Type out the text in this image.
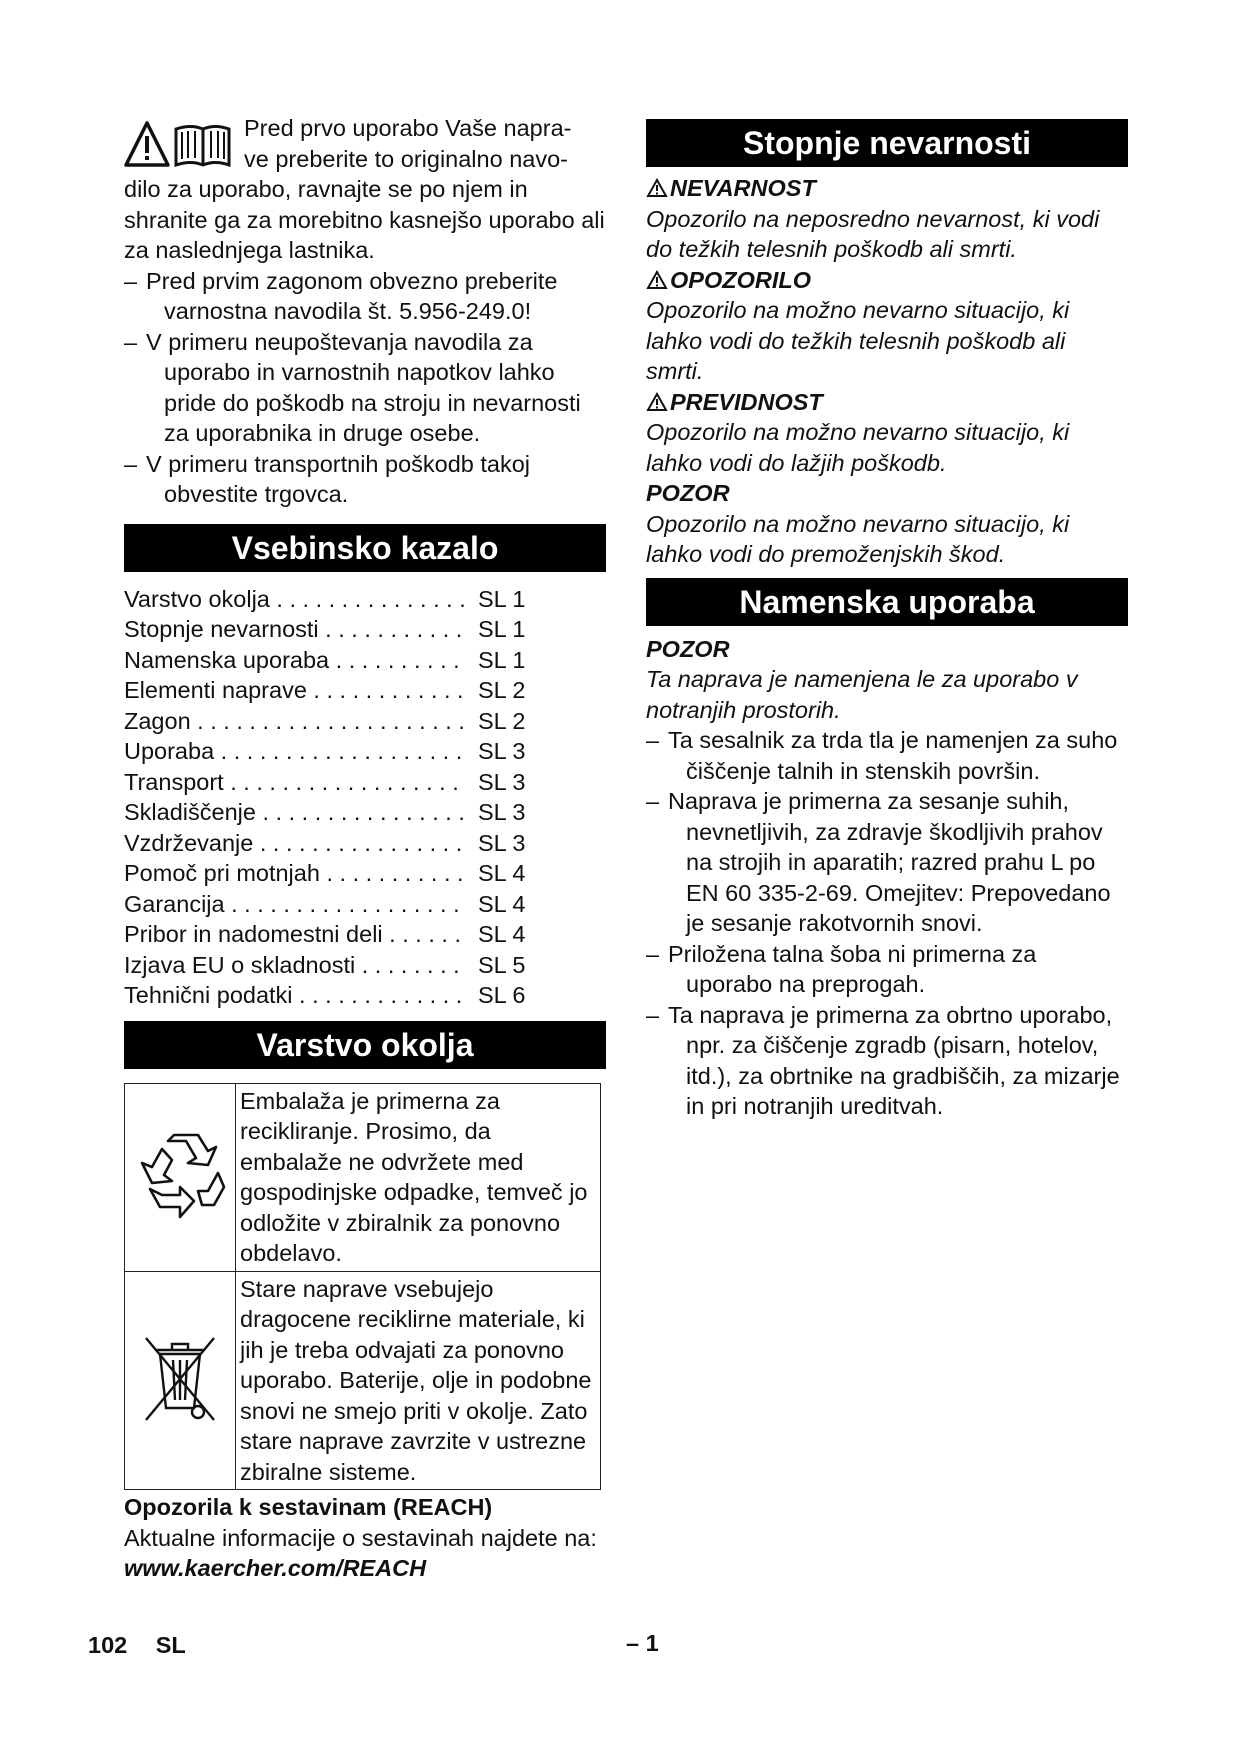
Pred prvo uporabo Vaše napra-
ve preberite to originalno navo-
dilo za uporabo, ravnajte se po njem in shranite ga za morebitno kasnejšo uporabo ali za naslednjega lastnika.
– Pred prvim zagonom obvezno preberite varnostna navodila št. 5.956-249.0!
– V primeru neupoštevanja navodila za uporabo in varnostnih napotkov lahko pride do poškodb na stroju in nevarnosti za uporabnika in druge osebe.
– V primeru transportnih poškodb takoj obvestite trgovca.
Vsebinsko kazalo
Varstvo okolja . . .	SL 1
Stopnje nevarnosti . . .	SL 1
Namenska uporaba . . .	SL 1
Elementi naprave . . .	SL 2
Zagon . . .	SL 2
Uporaba . . .	SL 3
Transport . . .	SL 3
Skladiščenje . . .	SL 3
Vzdrževanje . . .	SL 3
Pomoč pri motnjah . . .	SL 4
Garancija . . .	SL 4
Pribor in nadomestni deli . . .	SL 4
Izjava EU o skladnosti . . .	SL 5
Tehnični podatki . . .	SL 6
Varstvo okolja
	Embalaža je primerna za recikliranje. Prosimo, da embalaže ne odvržete med gospodinjske odpadke, temveč jo odložite v zbiralnik za ponovno obdelavo.
	Stare naprave vsebujejo dragocene reciklirne materiale, ki jih je treba odvajati za ponovno uporabo. Baterije, olje in podobne snovi ne smejo priti v okolje. Zato stare naprave zavrzite v ustrezne zbiralne sisteme.
Opozorila k sestavinam (REACH)
Aktualne informacije o sestavinah najdete na:
www.kaercher.com/REACH
Stopnje nevarnosti
NEVARNOST
Opozorilo na neposredno nevarnost, ki vodi do težkih telesnih poškodb ali smrti.
OPOZORILO
Opozorilo na možno nevarno situacijo, ki lahko vodi do težkih telesnih poškodb ali smrti.
PREVIDNOST
Opozorilo na možno nevarno situacijo, ki lahko vodi do lažjih poškodb.
POZOR
Opozorilo na možno nevarno situacijo, ki lahko vodi do premoženjskih škod.
Namenska uporaba
POZOR
Ta naprava je namenjena le za uporabo v notranjih prostorih.
– Ta sesalnik za trda tla je namenjen za suho čiščenje talnih in stenskih površin.
– Naprava je primerna za sesanje suhih, nevnetljivih, za zdravje škodljivih prahov na strojih in aparatih; razred prahu L po EN 60 335-2-69. Omejitev: Prepovedano je sesanje rakotvornih snovi.
– Priložena talna šoba ni primerna za uporabo na preprogah.
– Ta naprava je primerna za obrtno uporabo, npr. za čiščenje zgradb (pisarn, hotelov, itd.), za obrtnike na gradbiščih, za mizarje in pri notranjih ureditvah.
102 SL	– 1
